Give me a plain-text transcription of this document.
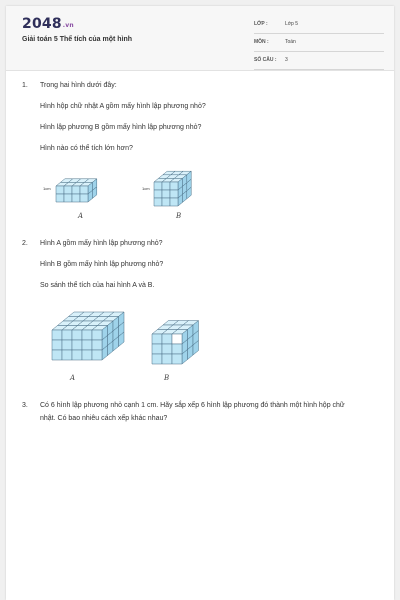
2048.vn
Giải toán 5 Thể tích của một hình
LỚP :	Lớp 5
MÔN :	Toán
SỐ CÂU : 3
1. Trong hai hình dưới đây:
Hình hộp chữ nhật A gồm mấy hình lập phương nhỏ?
Hình lập phương B gồm mấy hình lập phương nhỏ?
Hình nào có thể tích lớn hơn?
1cm
A
1cm
B
2. Hình A gồm mấy hình lập phương nhỏ?
Hình B gồm mấy hình lập phương nhỏ?
So sánh thể tích của hai hình A và B.
A	B
3. Có 6 hình lập phương nhỏ cạnh 1 cm. Hãy sắp xếp 6 hình lập phương đó thành một hình hộp chữ nhật. Có bao nhiêu cách xếp khác nhau?
